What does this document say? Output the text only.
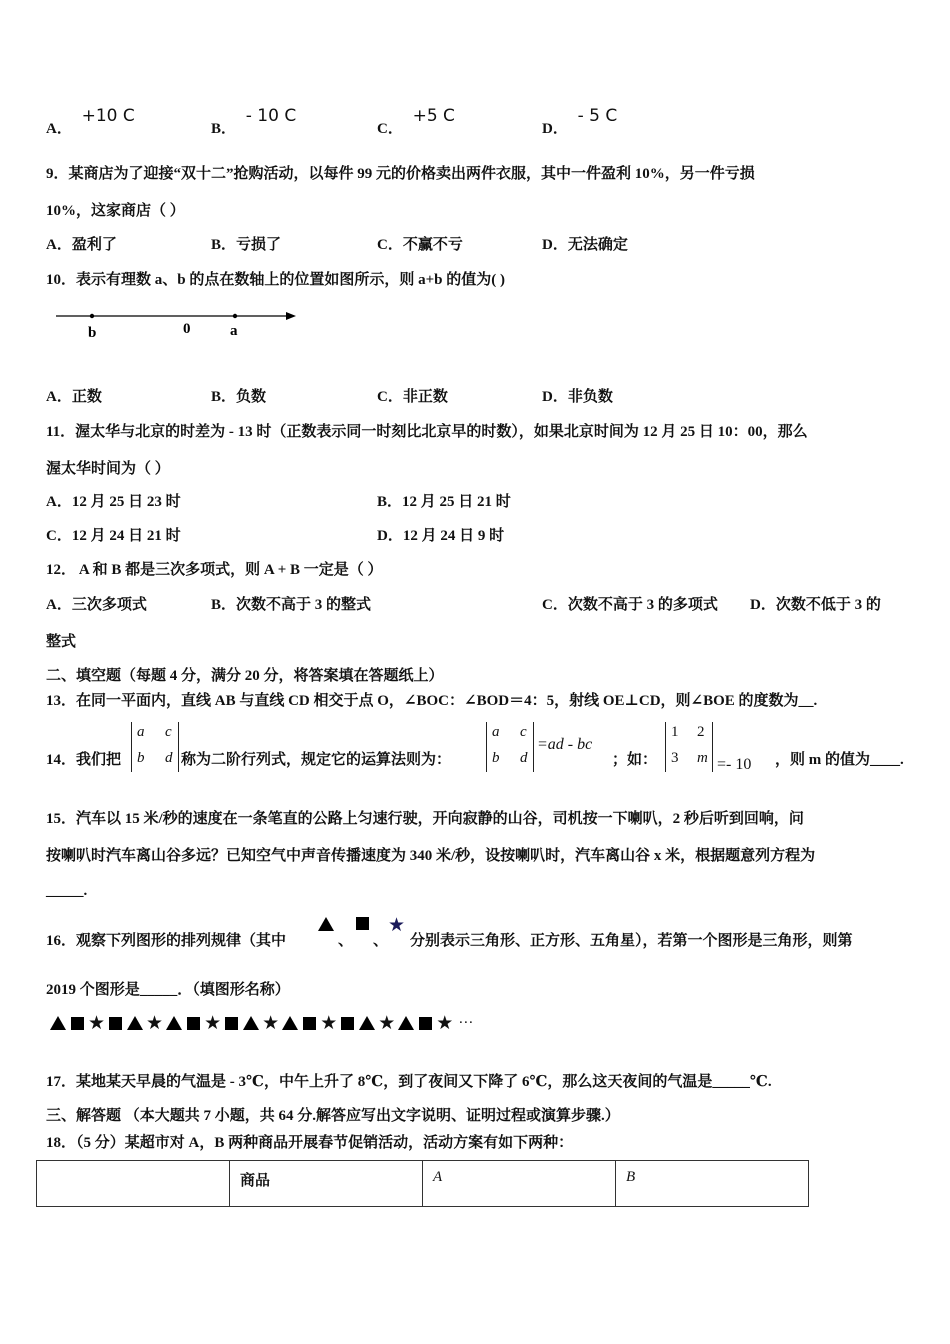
A． +10 C
B． - 10 C
C． +5 C
D． - 5 C
9．某商店为了迎接“双十二”抢购活动，以每件 99 元的价格卖出两件衣服，其中一件盈利 10%，另一件亏损
10%，这家商店（ ）
A．盈利了	B．亏损了	C．不赢不亏	D．无法确定
10．表示有理数 a、b 的点在数轴上的位置如图所示，则 a+b 的值为( )
b	0	a
A．正数	B．负数	C．非正数	D．非负数
11．渥太华与北京的时差为 - 13 时（正数表示同一时刻比北京早的时数），如果北京时间为 12 月 25 日 10：00，那么
渥太华时间为（ ）
A．12 月 25 日 23 时	B．12 月 25 日 21 时
C．12 月 24 日 21 时	D．12 月 24 日 9 时
12． A 和 B 都是三次多项式，则 A + B 一定是（ ）
A．三次多项式	B．次数不高于 3 的整式	C．次数不高于 3 的多项式 D．次数不低于 3 的
整式
二、填空题（每题 4 分，满分 20 分，将答案填在答题纸上）
13．在同一平面内，直线 AB 与直线 CD 相交于点 O，∠BOC：∠BOD＝4：5，射线 OE⊥CD，则∠BOE 的度数为__.
14．我们把
a c
b d 称为二阶行列式，规定它的运算法则为：
a c
b d
=ad - bc
；如：
1 2
3 m =- 10 ，则 m 的值为____.
15．汽车以 15 米/秒的速度在一条笔直的公路上匀速行驶，开向寂静的山谷，司机按一下喇叭，2 秒后听到回响，问
按喇叭时汽车离山谷多远？已知空气中声音传播速度为 340 米/秒，设按喇叭时，汽车离山谷 x 米，根据题意列方程为
_____.
16．观察下列图形的排列规律（其中	、 、
★
分别表示三角形、正方形、五角星），若第一个图形是三角形，则第
2019 个图形是_____．（填图形名称）
★ ★ ★ ★ ★ ★ ★ ···
17．某地某天早晨的气温是 - 3℃，中午上升了 8℃，到了夜间又下降了 6℃，那么这天夜间的气温是_____℃.
三、解答题 （本大题共 7 小题，共 64 分.解答应写出文字说明、证明过程或演算步骤.）
18．（5 分）某超市对 A，B 两种商品开展春节促销活动，活动方案有如下两种：
	商品	A	B
